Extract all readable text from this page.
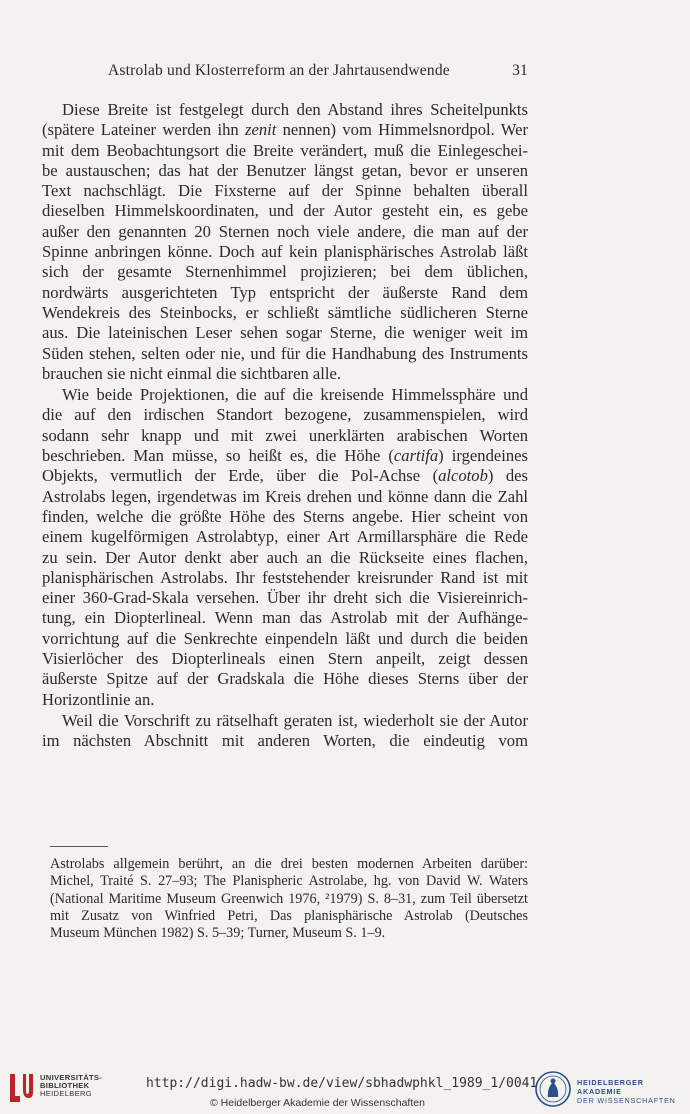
Astrolab und Klosterreform an der Jahrtausendwende	31

Diese Breite ist festgelegt durch den Abstand ihres Scheitelpunkts
(spätere Lateiner werden ihn zenit nennen) vom Himmelsnordpol. Wer
mit dem Beobachtungsort die Breite verändert, muß die Einlegeschei-
be austauschen; das hat der Benutzer längst getan, bevor er unseren
Text nachschlägt. Die Fixsterne auf der Spinne behalten überall
dieselben Himmelskoordinaten, und der Autor gesteht ein, es gebe
außer den genannten 20 Sternen noch viele andere, die man auf der
Spinne anbringen könne. Doch auf kein planisphärisches Astrolab läßt
sich der gesamte Sternenhimmel projizieren; bei dem üblichen,
nordwärts ausgerichteten Typ entspricht der äußerste Rand dem
Wendekreis des Steinbocks, er schließt sämtliche südlicheren Sterne
aus. Die lateinischen Leser sehen sogar Sterne, die weniger weit im
Süden stehen, selten oder nie, und für die Handhabung des Instruments
brauchen sie nicht einmal die sichtbaren alle.

Wie beide Projektionen, die auf die kreisende Himmelssphäre und
die auf den irdischen Standort bezogene, zusammenspielen, wird
sodann sehr knapp und mit zwei unerklärten arabischen Worten
beschrieben. Man müsse, so heißt es, die Höhe (cartifa) irgendeines
Objekts, vermutlich der Erde, über die Pol-Achse (alcotob) des
Astrolabs legen, irgendetwas im Kreis drehen und könne dann die Zahl
finden, welche die größte Höhe des Sterns angebe. Hier scheint von
einem kugelförmigen Astrolabtyp, einer Art Armillarsphäre die Rede
zu sein. Der Autor denkt aber auch an die Rückseite eines flachen,
planisphärischen Astrolabs. Ihr feststehender kreisrunder Rand ist mit
einer 360-Grad-Skala versehen. Über ihr dreht sich die Visiereinrich-
tung, ein Diopterlineal. Wenn man das Astrolab mit der Aufhänge-
vorrichtung auf die Senkrechte einpendeln läßt und durch die beiden
Visierlöcher des Diopterlineals einen Stern anpeilt, zeigt dessen
äußerste Spitze auf der Gradskala die Höhe dieses Sterns über der
Horizontlinie an.

Weil die Vorschrift zu rätselhaft geraten ist, wiederholt sie der Autor
im nächsten Abschnitt mit anderen Worten, die eindeutig vom

Astrolabs allgemein berührt, an die drei besten modernen Arbeiten darüber:
Michel, Traité S. 27–93; The Planispheric Astrolabe, hg. von David W. Waters
(National Maritime Museum Greenwich 1976, ²1979) S. 8–31, zum Teil übersetzt
mit Zusatz von Winfried Petri, Das planisphärische Astrolab (Deutsches
Museum München 1982) S. 5–39; Turner, Museum S. 1–9.
UNIVERSITÄTS-
BIBLIOTHEK
HEIDELBERG
http://digi.hadw-bw.de/view/sbhadwphkl_1989_1/0041
© Heidelberger Akademie der Wissenschaften
HEIDELBERGER AKADEMIE
DER WISSENSCHAFTEN
